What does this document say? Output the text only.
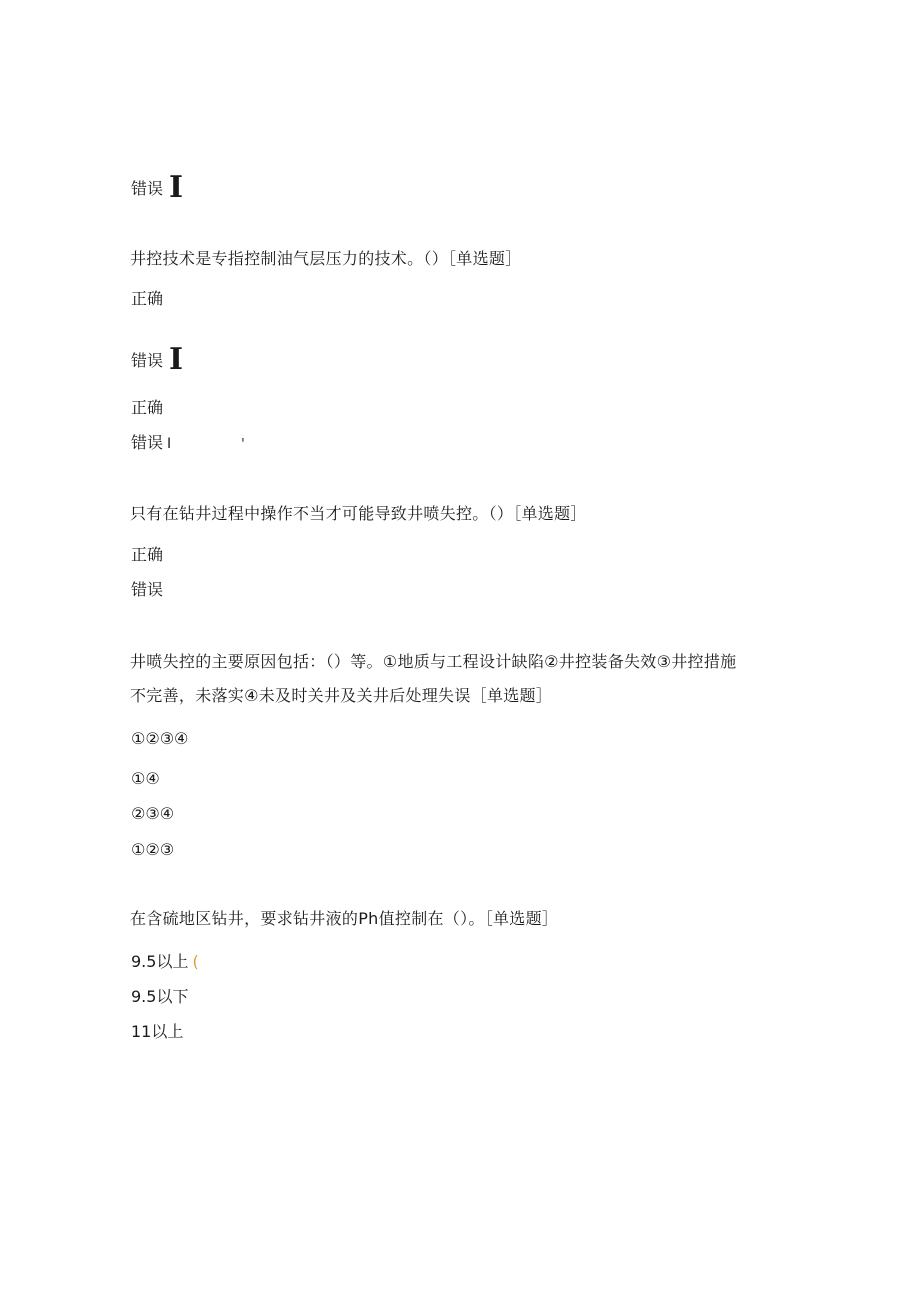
错误 I
井控技术是专指控制油气层压力的技术。（）［单选题］
正确
错误 I
正确
错误 I	'
只有在钻井过程中操作不当才可能导致井喷失控。（）［单选题］
正确
错误
井喷失控的主要原因包括：（）等。①地质与工程设计缺陷②井控装备失效③井控措施
不完善，未落实④未及时关井及关井后处理失误［单选题］
①②③④
①④
②③④
①②③
在含硫地区钻井，要求钻井液的Ph值控制在（）。［单选题］
9.5以上 (
9.5以下
11以上
